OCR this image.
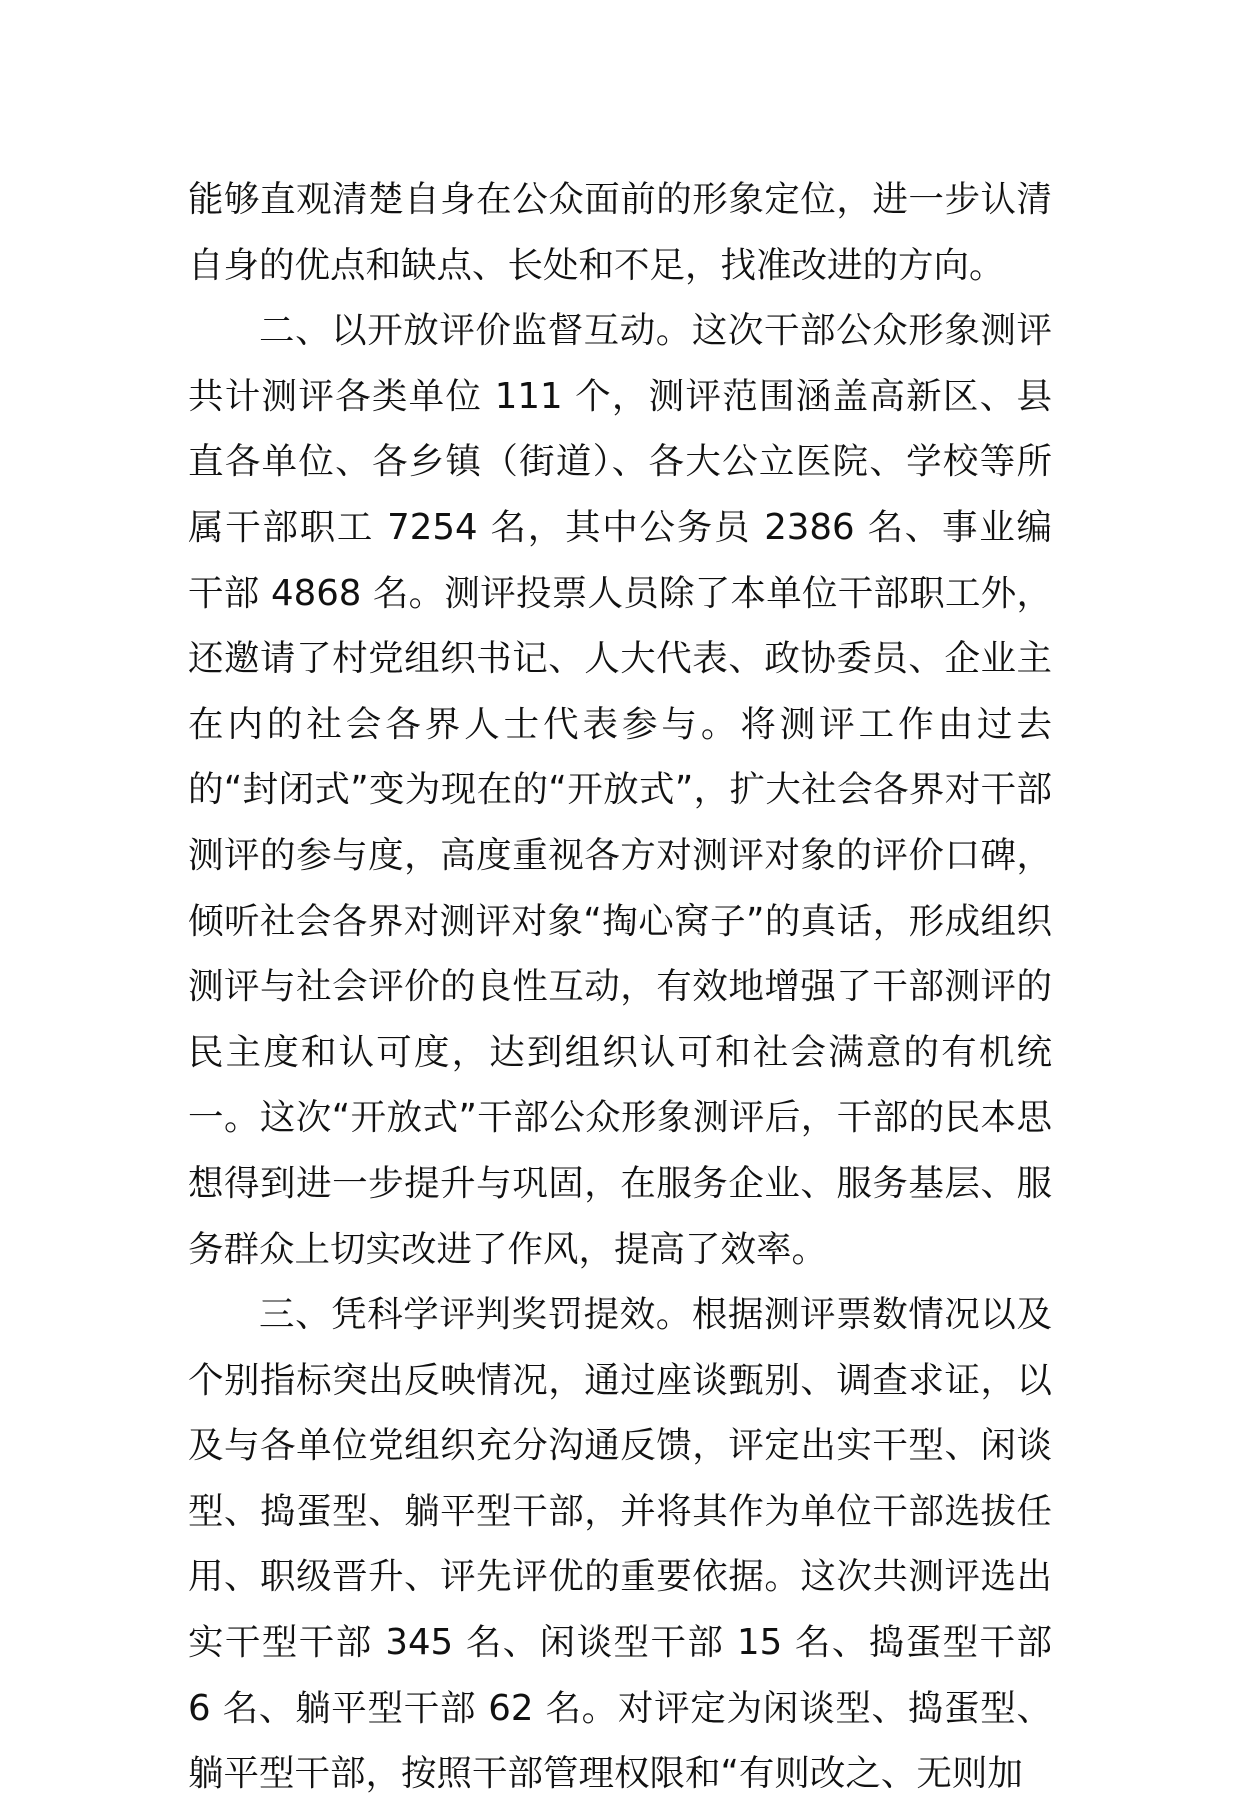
能够直观清楚自身在公众面前的形象定位，进一步认清自身的优点和缺点、长处和不足，找准改进的方向。

二、以开放评价监督互动。这次干部公众形象测评共计测评各类单位 111 个，测评范围涵盖高新区、县直各单位、各乡镇（街道）、各大公立医院、学校等所属干部职工 7254 名，其中公务员 2386 名、事业编干部 4868 名。测评投票人员除了本单位干部职工外，还邀请了村党组织书记、人大代表、政协委员、企业主在内的社会各界人士代表参与。将测评工作由过去的“封闭式”变为现在的“开放式”，扩大社会各界对干部测评的参与度，高度重视各方对测评对象的评价口碑，倾听社会各界对测评对象“掏心窝子”的真话，形成组织测评与社会评价的良性互动，有效地增强了干部测评的民主度和认可度，达到组织认可和社会满意的有机统一。这次“开放式”干部公众形象测评后，干部的民本思想得到进一步提升与巩固，在服务企业、服务基层、服务群众上切实改进了作风，提高了效率。

三、凭科学评判奖罚提效。根据测评票数情况以及个别指标突出反映情况，通过座谈甄别、调查求证，以及与各单位党组织充分沟通反馈，评定出实干型、闲谈型、捣蛋型、躺平型干部，并将其作为单位干部选拔任用、职级晋升、评先评优的重要依据。这次共测评选出实干型干部 345 名、闲谈型干部 15 名、捣蛋型干部 6 名、躺平型干部 62 名。对评定为闲谈型、捣蛋型、躺平型干部，按照干部管理权限和“有则改之、无则加
